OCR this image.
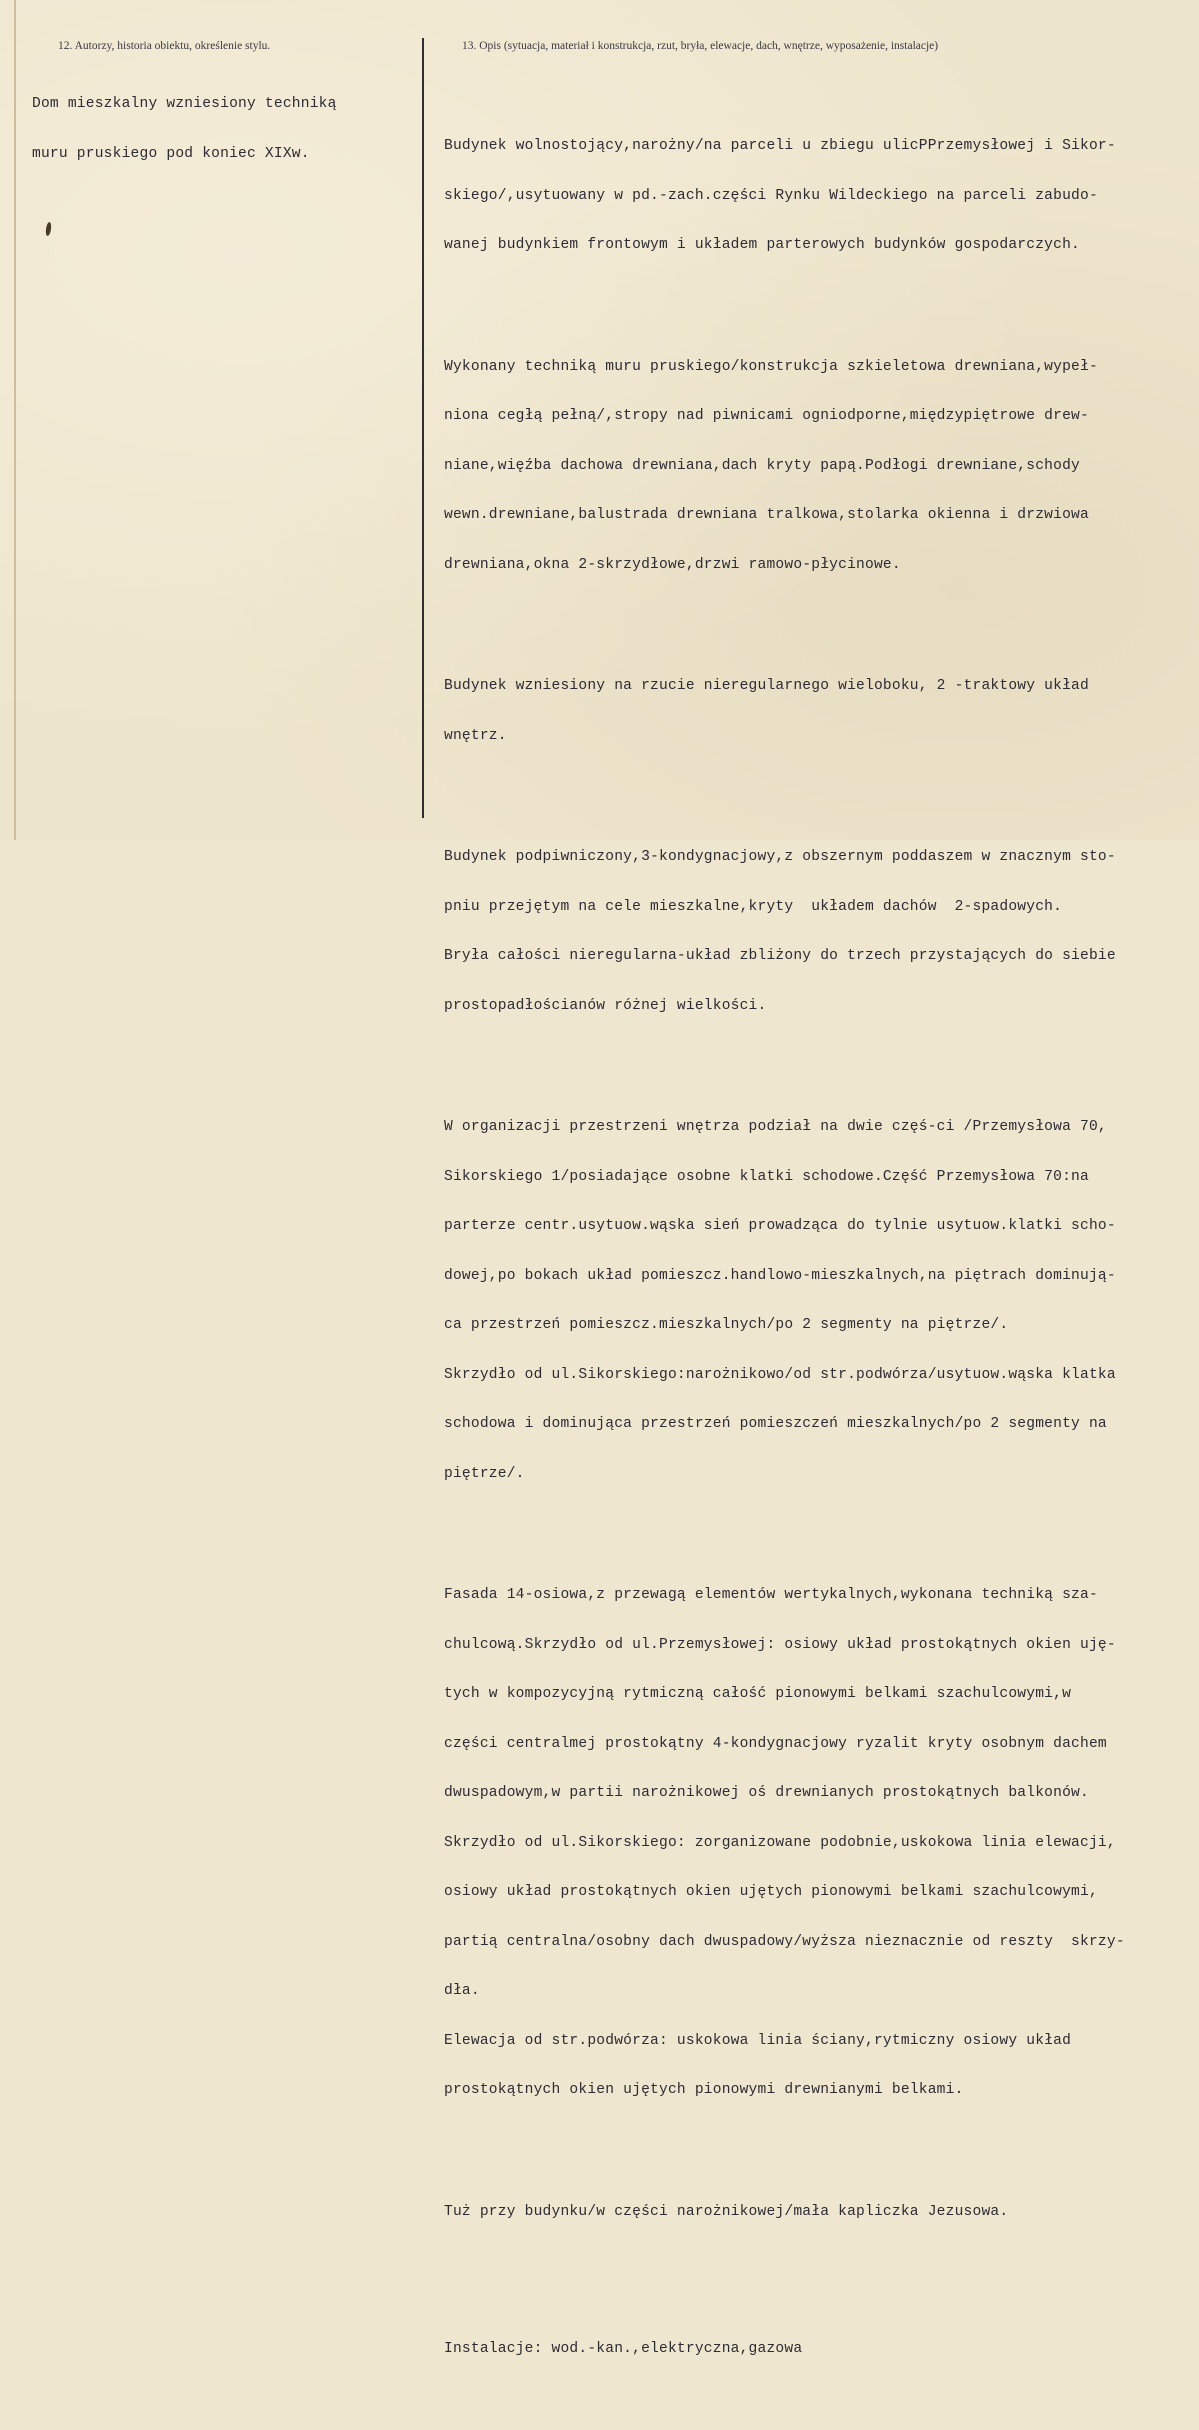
12. Autorzy, historia obiektu, określenie stylu.	13. Opis (sytuacja, materiał i konstrukcja, rzut, bryła, elewacje, dach, wnętrze, wyposażenie, instalacje)

Dom mieszkalny wzniesiony techniką

muru pruskiego pod koniec XIXw.

	Budynek wolnostojący,narożny/na parceli u zbiegu ulicPPrzemysłowej i Sikor-

skiego/,usytuowany w pd.-zach.części Rynku Wildeckiego na parceli zabudo-

wanej budynkiem frontowym i układem parterowych budynków gospodarczych.

Wykonany techniką muru pruskiego/konstrukcja szkieletowa drewniana,wypeł-

niona cegłą pełną/,stropy nad piwnicami ogniodporne,międzypiętrowe drew-

niane,więźba dachowa drewniana,dach kryty papą.Podłogi drewniane,schody

wewn.drewniane,balustrada drewniana tralkowa,stolarka okienna i drzwiowa

drewniana,okna 2-skrzydłowe,drzwi ramowo-płycinowe.

Budynek wzniesiony na rzucie nieregularnego wieloboku, 2 -traktowy układ

wnętrz.

Budynek podpiwniczony,3-kondygnacjowy,z obszernym poddaszem w znacznym sto-

pniu przejętym na cele mieszkalne,kryty  układem dachów  2-spadowych.

Bryła całości nieregularna-układ zbliżony do trzech przystających do siebie

prostopadłościanów różnej wielkości.

W organizacji przestrzeni wnętrza podział na dwie częś-ci /Przemysłowa 70,

Sikorskiego 1/posiadające osobne klatki schodowe.Część Przemysłowa 70:na

parterze centr.usytuow.wąska sień prowadząca do tylnie usytuow.klatki scho-

dowej,po bokach układ pomieszcz.handlowo-mieszkalnych,na piętrach dominują-

ca przestrzeń pomieszcz.mieszkalnych/po 2 segmenty na piętrze/.

Skrzydło od ul.Sikorskiego:narożnikowo/od str.podwórza/usytuow.wąska klatka

schodowa i dominująca przestrzeń pomieszczeń mieszkalnych/po 2 segmenty na

piętrze/.

Fasada 14-osiowa,z przewagą elementów wertykalnych,wykonana techniką sza-

chulcową.Skrzydło od ul.Przemysłowej: osiowy układ prostokątnych okien uję-

tych w kompozycyjną rytmiczną całość pionowymi belkami szachulcowymi,w

części centralmej prostokątny 4-kondygnacjowy ryzalit kryty osobnym dachem

dwuspadowym,w partii narożnikowej oś drewnianych prostokątnych balkonów.

Skrzydło od ul.Sikorskiego: zorganizowane podobnie,uskokowa linia elewacji,

osiowy układ prostokątnych okien ujętych pionowymi belkami szachulcowymi,

partią centralna/osobny dach dwuspadowy/wyższa nieznacznie od reszty  skrzy-

dła.

Elewacja od str.podwórza: uskokowa linia ściany,rytmiczny osiowy układ

prostokątnych okien ujętych pionowymi drewnianymi belkami.

Tuż przy budynku/w części narożnikowej/mała kapliczka Jezusowa.

Instalacje: wod.-kan.,elektryczna,gazowa
